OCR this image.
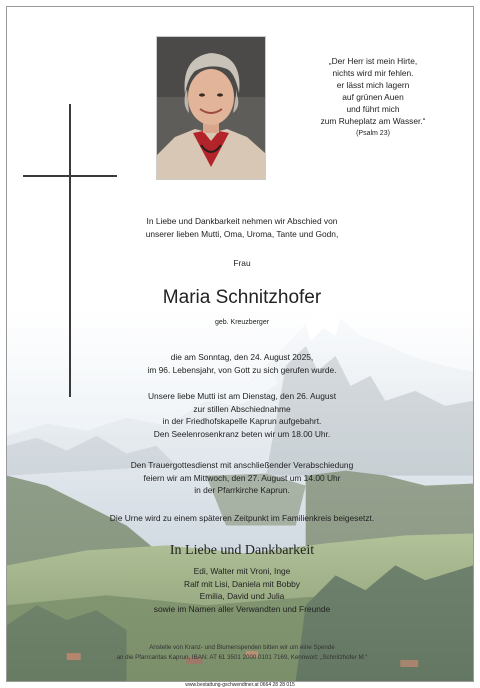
„Der Herr ist mein Hirte,
nichts wird mir fehlen.
er lässt mich lagern
auf grünen Auen
und führt mich
zum Ruheplatz am Wasser.“
(Psalm 23)
In Liebe und Dankbarkeit nehmen wir Abschied von
unserer lieben Mutti, Oma, Uroma, Tante und Godn,
Frau
Maria Schnitzhofer
geb. Kreuzberger
die am Sonntag, den 24. August 2025,
im 96. Lebensjahr, von Gott zu sich gerufen wurde.
Unsere liebe Mutti ist am Dienstag, den 26. August
zur stillen Abschiednahme
in der Friedhofskapelle Kaprun aufgebahrt.
Den Seelenrosenkranz beten wir um 18.00 Uhr.
Den Trauergottesdienst mit anschließender Verabschiedung
feiern wir am Mittwoch, den 27. August um 14.00 Uhr
in der Pfarrkirche Kaprun.
Die Urne wird zu einem späteren Zeitpunkt im Familienkreis beigesetzt.
In Liebe und Dankbarkeit
Edi, Walter mit Vroni, Inge
Ralf mit Lisi, Daniela mit Bobby
Emilia, David und Julia
sowie im Namen aller Verwandten und Freunde
Anstelle von Kranz- und Blumenspenden bitten wir um eine Spende
an die Pfarrcaritas Kaprun, IBAN: AT 61 3501 2000 0101 7169, Kennwort: „Schnitzhofer M.“
www.bestattung-gschwendtner.at 0664 28 28 015
